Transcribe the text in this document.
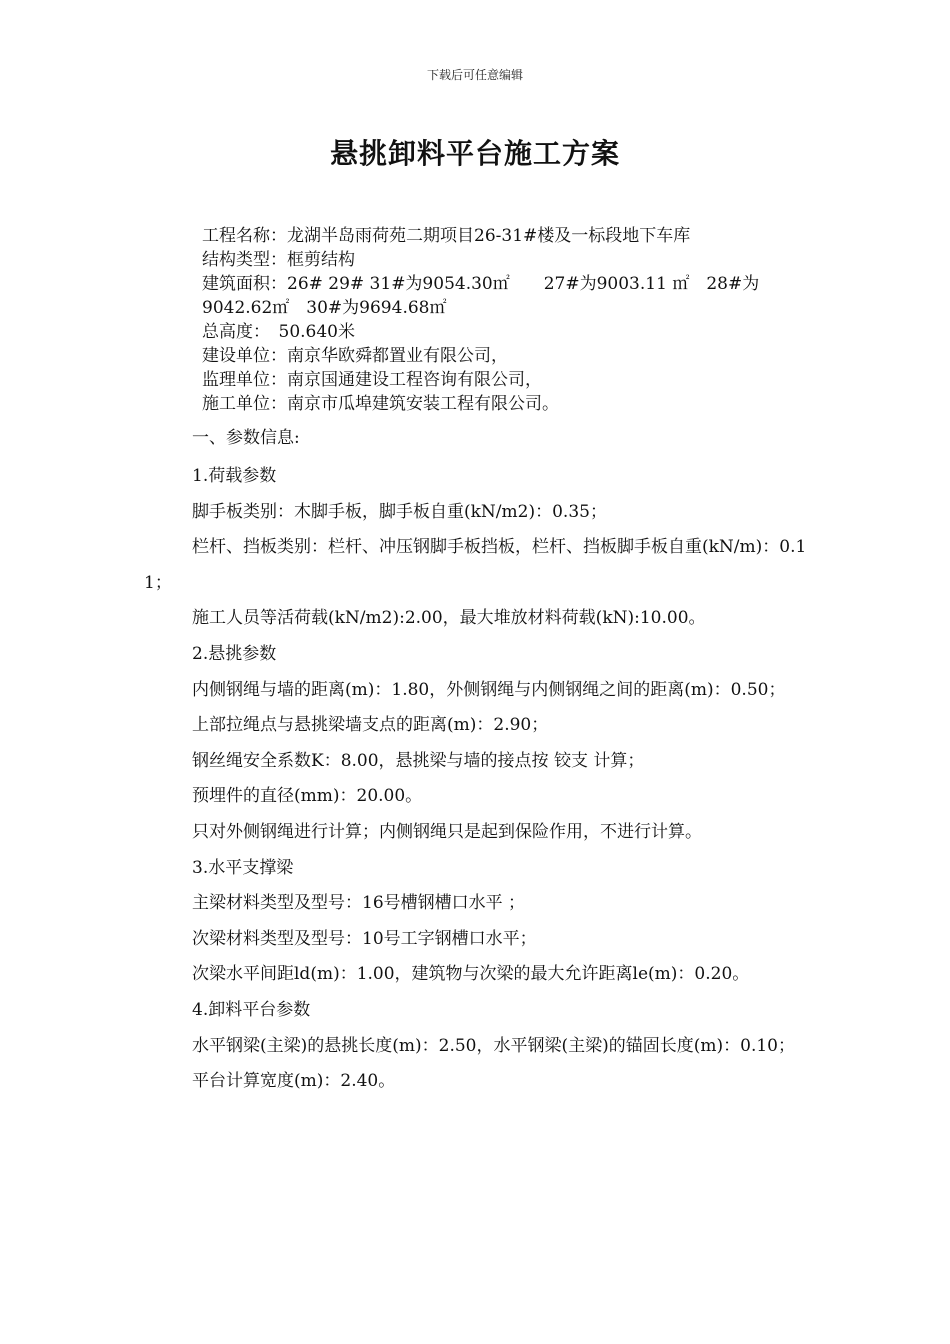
下载后可任意编辑
悬挑卸料平台施工方案
工程名称：龙湖半岛雨荷苑二期项目26-31#楼及一标段地下车库
结构类型：框剪结构
建筑面积：26# 29# 31#为9054.30㎡　　27#为9003.11 ㎡　28#为
9042.62㎡　30#为9694.68㎡
总高度：　50.640米
建设单位：南京华欧舜都置业有限公司，
监理单位：南京国通建设工程咨询有限公司，
施工单位：南京市瓜埠建筑安装工程有限公司。
一、参数信息:
1.荷载参数
脚手板类别：木脚手板，脚手板自重(kN/m2)：0.35；
栏杆、挡板类别：栏杆、冲压钢脚手板挡板，栏杆、挡板脚手板自重(kN/m)：0.11；
施工人员等活荷载(kN/m2):2.00，最大堆放材料荷载(kN):10.00。
2.悬挑参数
内侧钢绳与墙的距离(m)：1.80，外侧钢绳与内侧钢绳之间的距离(m)：0.50；
上部拉绳点与悬挑梁墙支点的距离(m)：2.90；
钢丝绳安全系数K：8.00，悬挑梁与墙的接点按 铰支 计算；
预埋件的直径(mm)：20.00。
只对外侧钢绳进行计算；内侧钢绳只是起到保险作用，不进行计算。
3.水平支撑梁
主梁材料类型及型号：16号槽钢槽口水平 ；
次梁材料类型及型号：10号工字钢槽口水平；
次梁水平间距ld(m)：1.00，建筑物与次梁的最大允许距离le(m)：0.20。
4.卸料平台参数
水平钢梁(主梁)的悬挑长度(m)：2.50，水平钢梁(主梁)的锚固长度(m)：0.10；
平台计算宽度(m)：2.40。
